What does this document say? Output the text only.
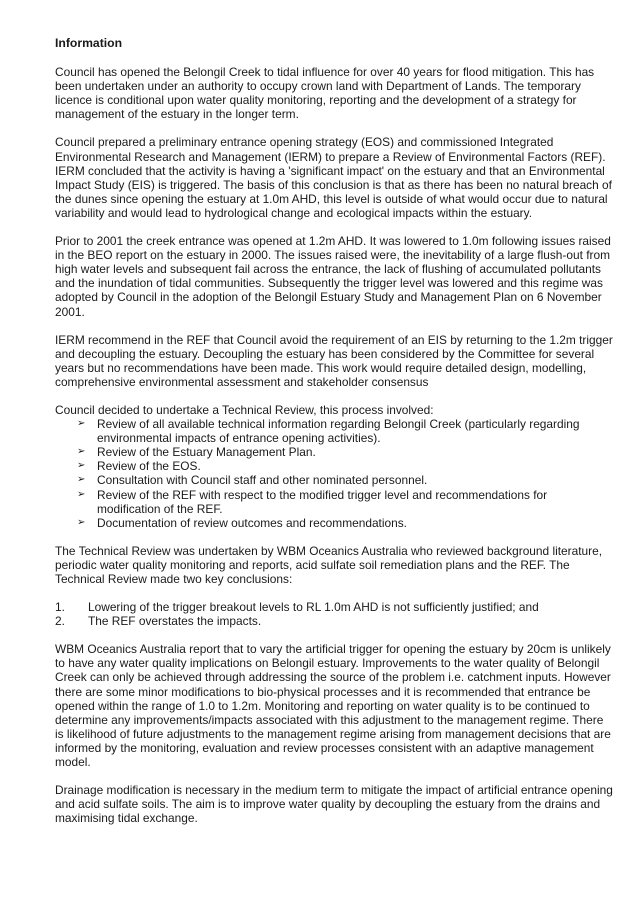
Information

Council has opened the Belongil Creek to tidal influence for over 40 years for flood mitigation. This has been undertaken under an authority to occupy crown land with Department of Lands. The temporary licence is conditional upon water quality monitoring, reporting and the development of a strategy for management of the estuary in the longer term.

Council prepared a preliminary entrance opening strategy (EOS) and commissioned Integrated Environmental Research and Management (IERM) to prepare a Review of Environmental Factors (REF). IERM concluded that the activity is having a 'significant impact' on the estuary and that an Environmental Impact Study (EIS) is triggered. The basis of this conclusion is that as there has been no natural breach of the dunes since opening the estuary at 1.0m AHD, this level is outside of what would occur due to natural variability and would lead to hydrological change and ecological impacts within the estuary.

Prior to 2001 the creek entrance was opened at 1.2m AHD. It was lowered to 1.0m following issues raised in the BEO report on the estuary in 2000. The issues raised were, the inevitability of a large flush-out from high water levels and subsequent fail across the entrance, the lack of flushing of accumulated pollutants and the inundation of tidal communities. Subsequently the trigger level was lowered and this regime was adopted by Council in the adoption of the Belongil Estuary Study and Management Plan on 6 November 2001.

IERM recommend in the REF that Council avoid the requirement of an EIS by returning to the 1.2m trigger and decoupling the estuary. Decoupling the estuary has been considered by the Committee for several years but no recommendations have been made. This work would require detailed design, modelling, comprehensive environmental assessment and stakeholder consensus

Council decided to undertake a Technical Review, this process involved:

➢ Review of all available technical information regarding Belongil Creek (particularly regarding environmental impacts of entrance opening activities).
➢ Review of the Estuary Management Plan.
➢ Review of the EOS.
➢ Consultation with Council staff and other nominated personnel.
➢ Review of the REF with respect to the modified trigger level and recommendations for modification of the REF.
➢ Documentation of review outcomes and recommendations.

The Technical Review was undertaken by WBM Oceanics Australia who reviewed background literature, periodic water quality monitoring and reports, acid sulfate soil remediation plans and the REF. The Technical Review made two key conclusions:

1. Lowering of the trigger breakout levels to RL 1.0m AHD is not sufficiently justified; and
2. The REF overstates the impacts.

WBM Oceanics Australia report that to vary the artificial trigger for opening the estuary by 20cm is unlikely to have any water quality implications on Belongil estuary. Improvements to the water quality of Belongil Creek can only be achieved through addressing the source of the problem i.e. catchment inputs. However there are some minor modifications to bio-physical processes and it is recommended that entrance be opened within the range of 1.0 to 1.2m. Monitoring and reporting on water quality is to be continued to determine any improvements/impacts associated with this adjustment to the management regime. There is likelihood of future adjustments to the management regime arising from management decisions that are informed by the monitoring, evaluation and review processes consistent with an adaptive management model.

Drainage modification is necessary in the medium term to mitigate the impact of artificial entrance opening and acid sulfate soils. The aim is to improve water quality by decoupling the estuary from the drains and maximising tidal exchange.
